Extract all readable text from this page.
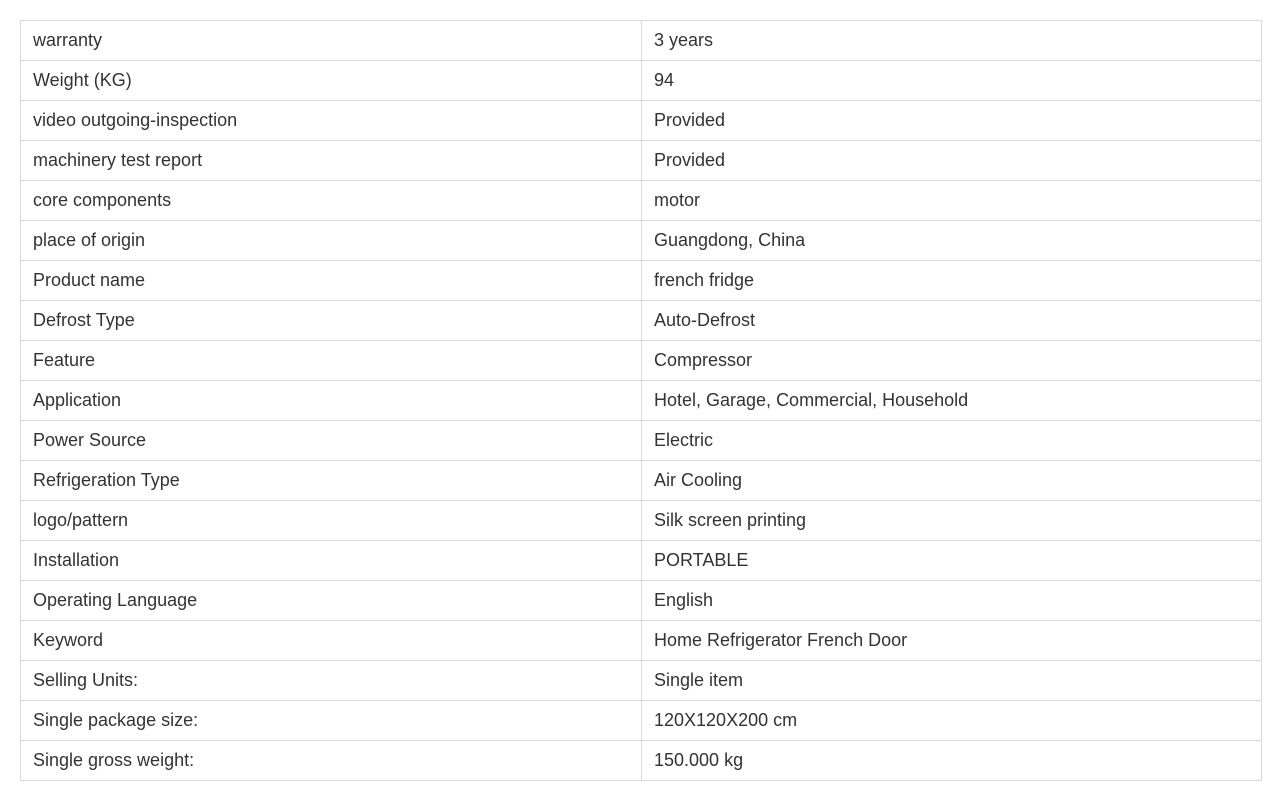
warranty	3 years
Weight (KG)	94
video outgoing-inspection	Provided
machinery test report	Provided
core components	motor
place of origin	Guangdong, China
Product name	french fridge
Defrost Type	Auto-Defrost
Feature	Compressor
Application	Hotel, Garage, Commercial, Household
Power Source	Electric
Refrigeration Type	Air Cooling
logo/pattern	Silk screen printing
Installation	PORTABLE
Operating Language	English
Keyword	Home Refrigerator French Door
Selling Units:	Single item
Single package size:	120X120X200 cm
Single gross weight:	150.000 kg
